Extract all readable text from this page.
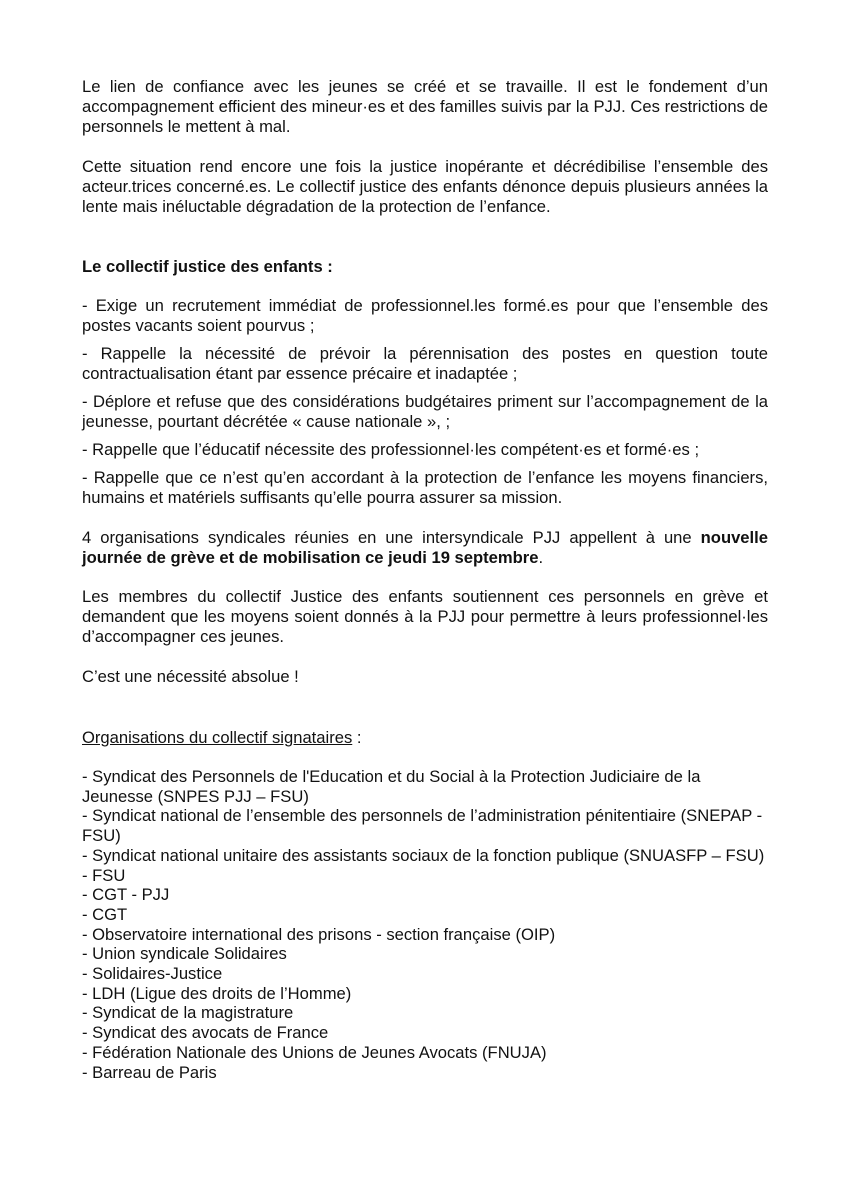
Le lien de confiance avec les jeunes se créé et se travaille. Il est le fondement d’un accompagnement efficient des mineur·es et des familles suivis par la PJJ. Ces restrictions de personnels le mettent à mal.

Cette situation rend encore une fois la justice inopérante et décrédibilise l’ensemble des acteur.trices concerné.es. Le collectif justice des enfants dénonce depuis plusieurs années la lente mais inéluctable dégradation de la protection de l’enfance.

Le collectif justice des enfants :

- Exige un recrutement immédiat de professionnel.les formé.es pour que l’ensemble des postes vacants soient pourvus ;

- Rappelle la nécessité de prévoir la pérennisation des postes en question toute contractualisation étant par essence précaire et inadaptée ;

- Déplore et refuse que des considérations budgétaires priment sur l’accompagnement de la jeunesse, pourtant décrétée « cause nationale », ;

- Rappelle que l’éducatif nécessite des professionnel·les compétent·es et formé·es ;

- Rappelle que ce n’est qu’en accordant à la protection de l’enfance les moyens financiers, humains et matériels suffisants qu’elle pourra assurer sa mission.

4 organisations syndicales réunies en une intersyndicale PJJ appellent à une nouvelle journée de grève et de mobilisation ce jeudi 19 septembre.

Les membres du collectif Justice des enfants soutiennent ces personnels en grève et demandent que les moyens soient donnés à la PJJ pour permettre à leurs professionnel·les d’accompagner ces jeunes.

C’est une nécessité absolue !

Organisations du collectif signataires :

- Syndicat des Personnels de l'Education et du Social à la Protection Judiciaire de la Jeunesse (SNPES PJJ – FSU)
- Syndicat national de l’ensemble des personnels de l’administration pénitentiaire (SNEPAP - FSU)
- Syndicat national unitaire des assistants sociaux de la fonction publique (SNUASFP – FSU)
- FSU
- CGT - PJJ
- CGT
- Observatoire international des prisons - section française (OIP)
- Union syndicale Solidaires
- Solidaires-Justice
- LDH (Ligue des droits de l’Homme)
- Syndicat de la magistrature
- Syndicat des avocats de France
- Fédération Nationale des Unions de Jeunes Avocats (FNUJA)
- Barreau de Paris
